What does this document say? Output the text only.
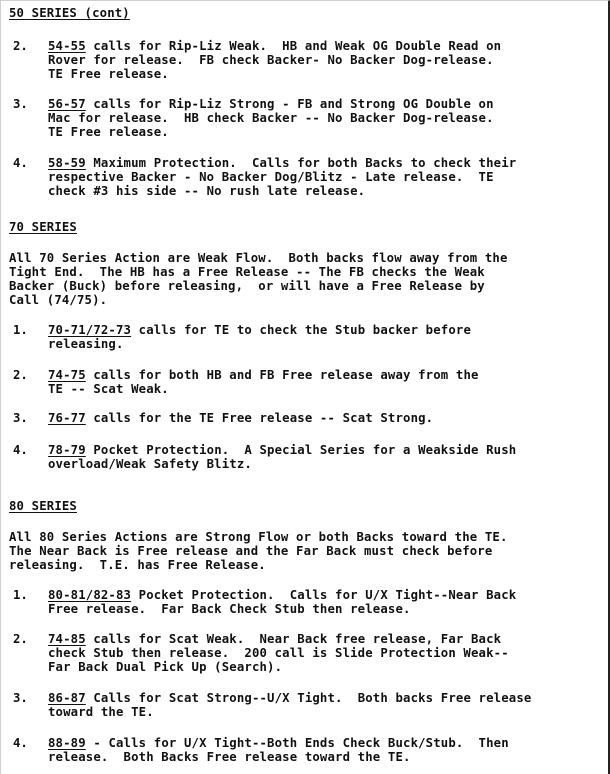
50 SERIES (cont)
2. 54-55 calls for Rip-Liz Weak.  HB and Weak OG Double Read on
Rover for release.  FB check Backer- No Backer Dog-release.
TE Free release.
3. 56-57 calls for Rip-Liz Strong - FB and Strong OG Double on
Mac for release.  HB check Backer -- No Backer Dog-release.
TE Free release.
4. 58-59 Maximum Protection.  Calls for both Backs to check their
respective Backer - No Backer Dog/Blitz - Late release.  TE
check #3 his side -- No rush late release.
70 SERIES
All 70 Series Action are Weak Flow.  Both backs flow away from the
Tight End.  The HB has a Free Release -- The FB checks the Weak
Backer (Buck) before releasing,  or will have a Free Release by
Call (74/75).
1. 70-71/72-73 calls for TE to check the Stub backer before
releasing.
2. 74-75 calls for both HB and FB Free release away from the
TE -- Scat Weak.
3. 76-77 calls for the TE Free release -- Scat Strong.
4. 78-79 Pocket Protection.  A Special Series for a Weakside Rush
overload/Weak Safety Blitz.
80 SERIES
All 80 Series Actions are Strong Flow or both Backs toward the TE.
The Near Back is Free release and the Far Back must check before
releasing.  T.E. has Free Release.
1. 80-81/82-83 Pocket Protection.  Calls for U/X Tight--Near Back
Free release.  Far Back Check Stub then release.
2. 74-85 calls for Scat Weak.  Near Back free release, Far Back
check Stub then release.  200 call is Slide Protection Weak--
Far Back Dual Pick Up (Search).
3. 86-87 Calls for Scat Strong--U/X Tight.  Both backs Free release
toward the TE.
4. 88-89 - Calls for U/X Tight--Both Ends Check Buck/Stub.  Then
release.  Both Backs Free release toward the TE.
